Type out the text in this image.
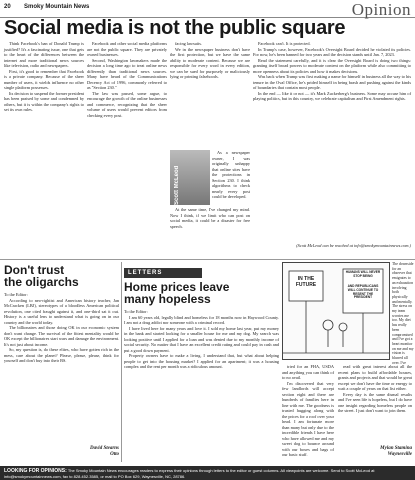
20 Smoky Mountain News	Opinion
Social media is not the public square

Think Facebook's ban of Donald Trump is justified? It's a fascinating issue, one that gets to the heart of the differences between the internet and more traditional news sources like television, radio and newspapers.

First, it's good to remember that Facebook is a private company. Because of the sheer number of users, it wields influence no other single platform possesses.

Its decision to suspend the former president has been praised by some and condemned by others, but it is within the company's rights to set its own rules.

Facebook and other social media platforms are not the public square. They are privately owned businesses.

Second, Washington lawmakers made the decision a long time ago to treat online news differently than traditional news sources. Many have heard of the Communications Decency Act of 1996, commonly referred to as "Section 230."

The law was passed, some argue, to encourage the growth of the online businesses and commerce, recognizing that the sheer volume of users would prevent editors from checking every post.

facing lawsuits.

We in the newspaper business don't have the first protection, but we have the same ability to moderate content. Because we are responsible for every word in every edition, we can be sued for purposely or maliciously lying or printing falsehoods.

Scott McLeod

As a newspaper owner, I was originally unhappy that online sites have the protections in Section 230. I think algorithms to check nearly every post could be developed.

At the same time, I've changed my mind. Now I think, if we limit who can post on social media, it could be a disaster for free speech.

Facebook can't. It is protected.

In Trump's case, however, Facebook's Oversight Board decided he violated its policies. For now, he's been banned for two years and the decision stands until Jan. 7, 2023.

Read the statement carefully, and it is clear the Oversight Board is doing two things: granting itself broad powers to moderate content on the platform while also committing to more openness about its policies and how it makes decisions.

Was back when Trump was first making a name for himself in business all the way to his tenure in the Oval Office, he's prided himself in being brash and pushing against the kinds of boundaries that contain most people.

In the end — like it or not — it's Mark Zuckerberg's business. Some may accuse him of playing politics, but in this country, we celebrate capitalism and First Amendment rights.

(Scott McLeod can be reached at info@smokymountainnews.com.)
Don't trust
the oligarchs

To the Editor:

According to neo-rightist and American history teacher, Jan McCracken (LBJ), stereotypes of a bloodless American political revolution, one cited fraught against it, and one-third sat it out. History is a useful lens to understand what is going on in our country and the world today.

The billionaires and those doing OK in our economic system don't want change. The survival of the fittest mentality would be OK except the billionaires start wars and damage the environment. It's not just about income.

So, my question is, do these elites, who have gotten rich in the mess, care about the planet? Please, please, please, think for yourself and don't buy into their BS.

David Stearns
Otto
LETTERS
Home prices leave
many hopeless

To the Editor:

I am 60 years old, legally blind and homeless for 18 months now in Haywood County. I am not a drug addict nor someone with a criminal record.

I have lived here for many years and love it. I sold my home last year, put my money in the bank and started looking for a smaller house for me and my dog. My search was looking positive until I applied for a loan and was denied due to my monthly income of social security. No matter that I have an excellent credit rating and could pay in cash and put a good down payment.

Property owners have to make a living, I understand that, but what about helping people to get into the housing market? I applied for an apartment; it was a housing complex and the rent per month was a ridiculous amount.

IN THE FUTURE
HUMANS WILL NEVER STOP BEING
AND REPUBLICANS WILL CONTINUE TO RESENT THE PRESIDENT

tried for an FHA, USDA and anything you can think of to no avail.

I'm discovered that very few landlords will accept section eight and there are hundreds of families here in line with me. The goodness is trusted hugging along with the prices for a roof over your head. I am fortunate more than many but only due to the incredible friends I have here who have allowed me and my sweet dog to bounce around with our boxes and bags of our basic stuff.

read with great interest about all the recent plans to build affordable houses, grants and projects and that would be great except we don't have the time or energy to wait a couple of years on that list either.

Every day is the same dismal results and I've seen life is hopeless, but I do have one insight regarding homeless people on the street. I just don't want to join them.

Mylan Stamina
Waynesville
The downside for an observer that emigrates to an exhaustion involving both physically and mentally. The stress on my team worries me too. My diet has really been compromised and I've got a heart monitor on me and my vision is blurred all over. I've
LOOKING FOR OPINIONS: The Smoky Mountain News encourages readers to express their opinions through letters to the editor or guest columns. All viewpoints are welcome. Send to Scott McLeod at info@smokymountainnews.com, fax to 828.452.3585, or mail to PO Box 629, Waynesville, NC, 28786.
